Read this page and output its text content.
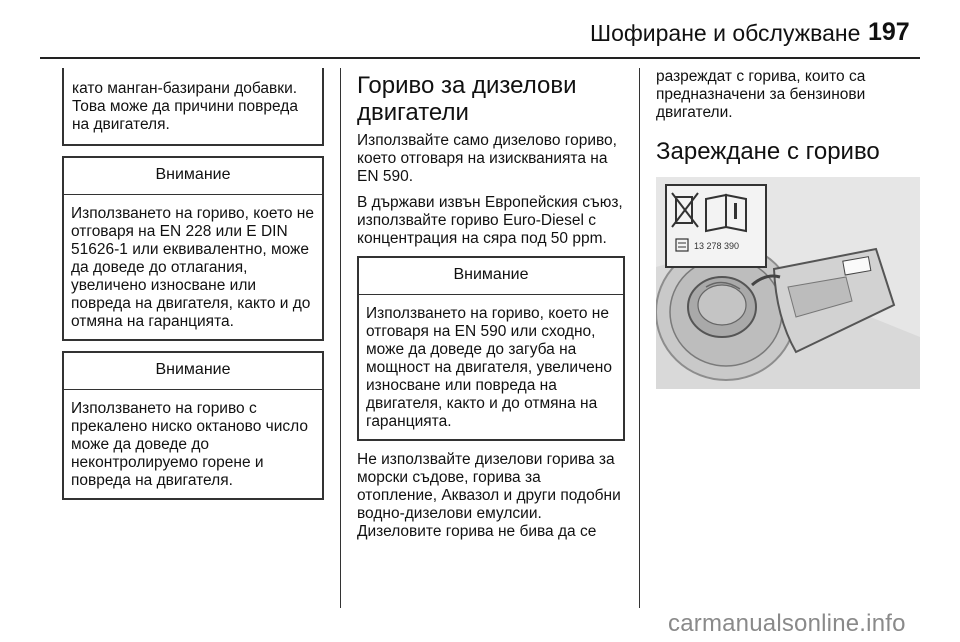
Шофиране и обслужване 197
като манган-базирани добавки. Това може да причини повреда на двигателя.
Внимание
Използването на гориво, което не отговаря на EN 228 или E DIN 51626-1 или еквивалентно, може да доведе до отлагания, увеличено износване или повреда на двигателя, както и до отмяна на гаранцията.
Внимание
Използването на гориво с прекалено ниско октаново число може да доведе до неконтролируемо горене и повреда на двигателя.
Гориво за дизелови двигатели

Използвайте само дизелово гориво, което отговаря на изискванията на EN 590.

В държави извън Европейския съюз, използвайте гориво Euro-Diesel с концентрация на сяра под 50 ppm.

Внимание
Използването на гориво, което не отговаря на EN 590 или сходно, може да доведе до загуба на мощност на двигателя, увеличено износване или повреда на двигателя, както и до отмяна на гаранцията.

Не използвайте дизелови горива за морски съдове, горива за отопление, Аквазол и други подобни водно-дизелови емулсии. Дизеловите горива не бива да се

разреждат с горива, които са предназначени за бензинови двигатели.

Зареждане с гориво
13 278 390
carmanualsonline.info
